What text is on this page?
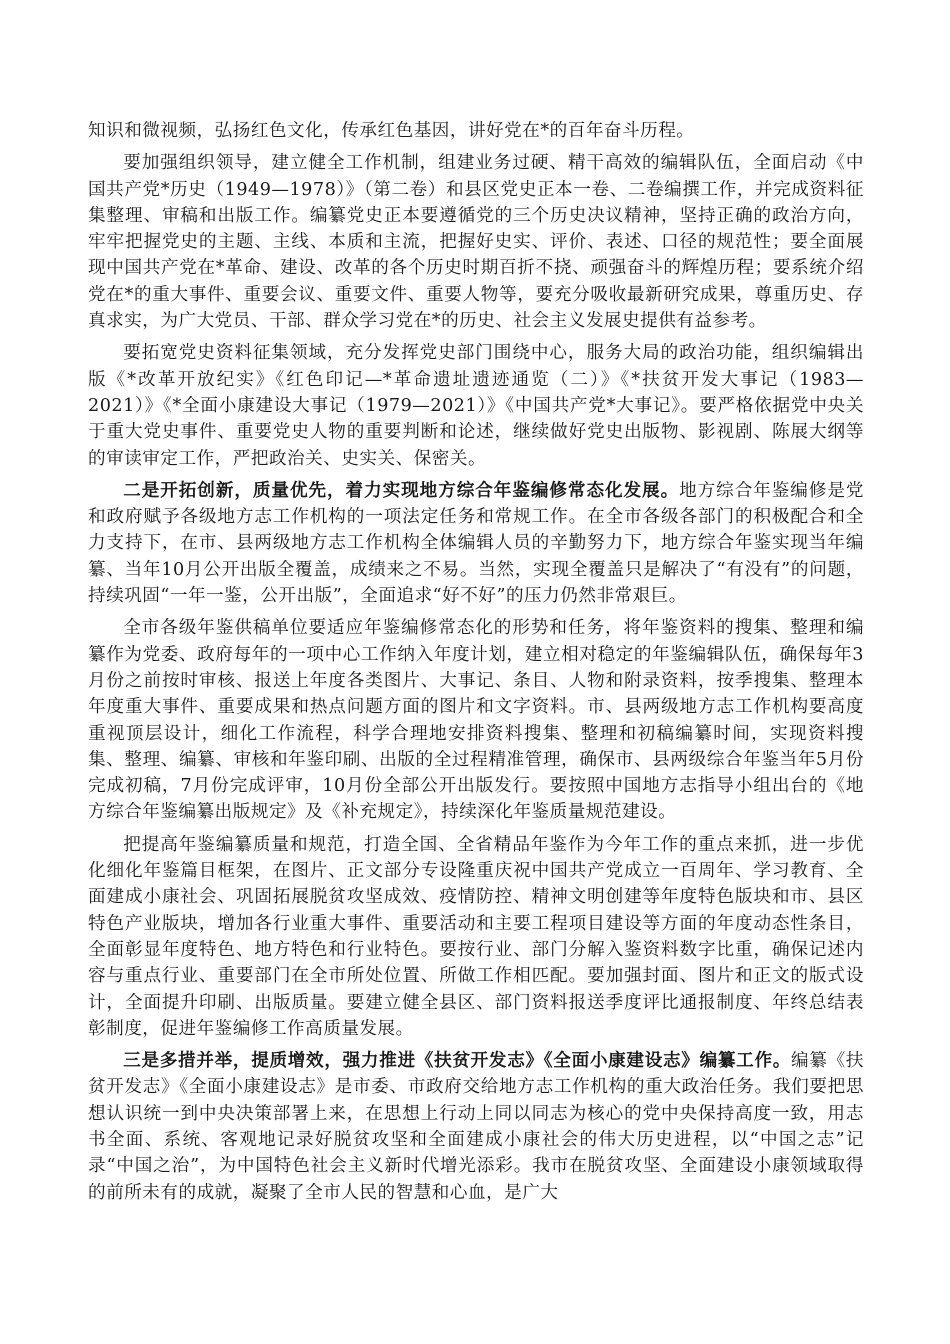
知识和微视频，弘扬红色文化，传承红色基因，讲好党在*的百年奋斗历程。

要加强组织领导，建立健全工作机制，组建业务过硬、精干高效的编辑队伍，全面启动《中国共产党*历史（1949—1978）》（第二卷）和县区党史正本一卷、二卷编撰工作，并完成资料征集整理、审稿和出版工作。编纂党史正本要遵循党的三个历史决议精神，坚持正确的政治方向，牢牢把握党史的主题、主线、本质和主流，把握好史实、评价、表述、口径的规范性；要全面展现中国共产党在*革命、建设、改革的各个历史时期百折不挠、顽强奋斗的辉煌历程；要系统介绍党在*的重大事件、重要会议、重要文件、重要人物等，要充分吸收最新研究成果，尊重历史、存真求实，为广大党员、干部、群众学习党在*的历史、社会主义发展史提供有益参考。

要拓宽党史资料征集领域，充分发挥党史部门围绕中心，服务大局的政治功能，组织编辑出版《*改革开放纪实》《红色印记—*革命遗址遗迹通览（二）》《*扶贫开发大事记（1983—2021）》《*全面小康建设大事记（1979—2021）》《中国共产党*大事记》。要严格依据党中央关于重大党史事件、重要党史人物的重要判断和论述，继续做好党史出版物、影视剧、陈展大纲等的审读审定工作，严把政治关、史实关、保密关。

二是开拓创新，质量优先，着力实现地方综合年鉴编修常态化发展。地方综合年鉴编修是党和政府赋予各级地方志工作机构的一项法定任务和常规工作。在全市各级各部门的积极配合和全力支持下，在市、县两级地方志工作机构全体编辑人员的辛勤努力下，地方综合年鉴实现当年编纂、当年10月公开出版全覆盖，成绩来之不易。当然，实现全覆盖只是解决了“有没有”的问题，持续巩固“一年一鉴，公开出版”，全面追求“好不好”的压力仍然非常艰巨。

全市各级年鉴供稿单位要适应年鉴编修常态化的形势和任务，将年鉴资料的搜集、整理和编纂作为党委、政府每年的一项中心工作纳入年度计划，建立相对稳定的年鉴编辑队伍，确保每年3月份之前按时审核、报送上年度各类图片、大事记、条目、人物和附录资料，按季搜集、整理本年度重大事件、重要成果和热点问题方面的图片和文字资料。市、县两级地方志工作机构要高度重视顶层设计，细化工作流程，科学合理地安排资料搜集、整理和初稿编纂时间，实现资料搜集、整理、编纂、审核和年鉴印刷、出版的全过程精准管理，确保市、县两级综合年鉴当年5月份完成初稿，7月份完成评审，10月份全部公开出版发行。要按照中国地方志指导小组出台的《地方综合年鉴编纂出版规定》及《补充规定》，持续深化年鉴质量规范建设。

把提高年鉴编纂质量和规范，打造全国、全省精品年鉴作为今年工作的重点来抓，进一步优化细化年鉴篇目框架，在图片、正文部分专设隆重庆祝中国共产党成立一百周年、学习教育、全面建成小康社会、巩固拓展脱贫攻坚成效、疫情防控、精神文明创建等年度特色版块和市、县区特色产业版块，增加各行业重大事件、重要活动和主要工程项目建设等方面的年度动态性条目，全面彰显年度特色、地方特色和行业特色。要按行业、部门分解入鉴资料数字比重，确保记述内容与重点行业、重要部门在全市所处位置、所做工作相匹配。要加强封面、图片和正文的版式设计，全面提升印刷、出版质量。要建立健全县区、部门资料报送季度评比通报制度、年终总结表彰制度，促进年鉴编修工作高质量发展。

三是多措并举，提质增效，强力推进《扶贫开发志》《全面小康建设志》编纂工作。编纂《扶贫开发志》《全面小康建设志》是市委、市政府交给地方志工作机构的重大政治任务。我们要把思想认识统一到中央决策部署上来，在思想上行动上同以同志为核心的党中央保持高度一致，用志书全面、系统、客观地记录好脱贫攻坚和全面建成小康社会的伟大历史进程，以“中国之志”记录“中国之治”，为中国特色社会主义新时代增光添彩。我市在脱贫攻坚、全面建设小康领域取得的前所未有的成就，凝聚了全市人民的智慧和心血，是广大
